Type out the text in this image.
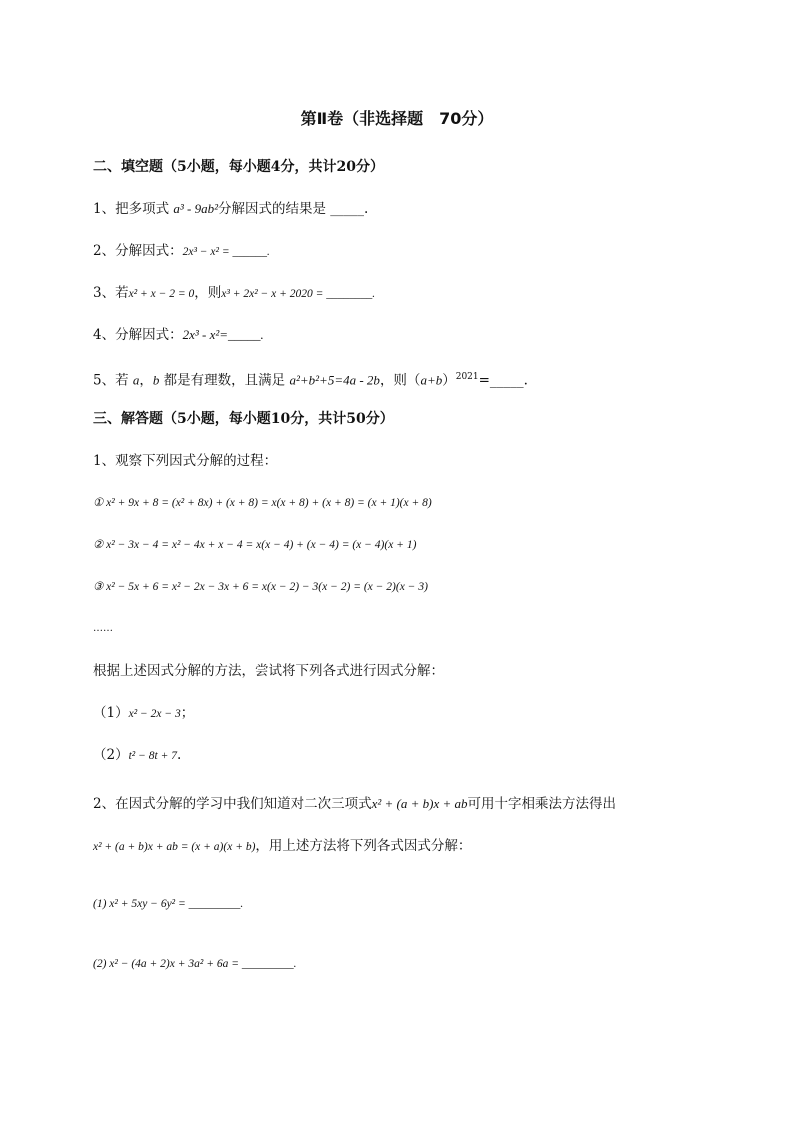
第Ⅱ卷（非选择题　70分）
二、填空题（5小题，每小题4分，共计20分）
1、把多项式 a³ - 9ab²分解因式的结果是 _____.
2、分解因式：2x³ − x² = ______.
3、若x² + x − 2 = 0，则x³ + 2x² − x + 2020 = ________.
4、分解因式：2x³ - x²=_____.
5、若 a，b 都是有理数，且满足 a²+b²+5=4a - 2b，则$(a+b)^{2021}=\_\_\_\_\_$.
三、解答题（5小题，每小题10分，共计50分）
1、观察下列因式分解的过程：
① x² + 9x + 8 = (x² + 8x) + (x + 8) = x(x + 8) + (x + 8) = (x + 1)(x + 8)
② x² − 3x − 4 = x² − 4x + x − 4 = x(x − 4) + (x − 4) = (x − 4)(x + 1)
③ x² − 5x + 6 = x² − 2x − 3x + 6 = x(x − 2) − 3(x − 2) = (x − 2)(x − 3)
……
根据上述因式分解的方法，尝试将下列各式进行因式分解：
（1）x² − 2x − 3；
（2）t² − 8t + 7.
2、在因式分解的学习中我们知道对二次三项式x² + (a + b)x + ab可用十字相乘法方法得出
x² + (a + b)x + ab = (x + a)(x + b)，用上述方法将下列各式因式分解：
(1) x² + 5xy − 6y² = _________.
(2) x² − (4a + 2)x + 3a² + 6a = _________.
